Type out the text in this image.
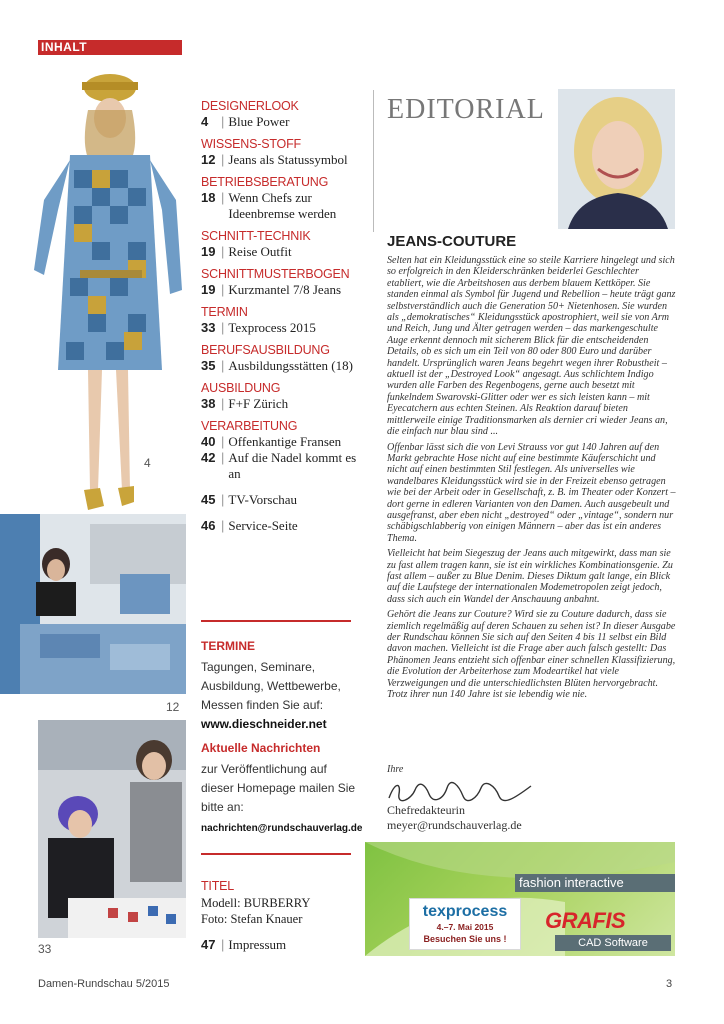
INHALT
4
12
33
DESIGNERLOOK
4 | Blue Power
WISSENS-STOFF
12 | Jeans als Statussymbol
BETRIEBSBERATUNG
18 | Wenn Chefs zur Ideenbremse werden
SCHNITT-TECHNIK
19 | Reise Outfit
SCHNITTMUSTERBOGEN
19 | Kurzmantel 7/8 Jeans
TERMIN
33 | Texprocess 2015
BERUFSAUSBILDUNG
35 | Ausbildungsstätten (18)
AUSBILDUNG
38 | F+F Zürich
VERARBEITUNG
40 | Offenkantige Fransen
42 | Auf die Nadel kommt es an
45 | TV-Vorschau
46 | Service-Seite
TERMINE
Tagungen, Seminare,
Ausbildung, Wettbewerbe,
Messen finden Sie auf:
www.dieschneider.net
Aktuelle Nachrichten
zur Veröffentlichung auf
dieser Homepage mailen Sie
bitte an:
nachrichten@rundschauverlag.de
TITEL
Modell: BURBERRY
Foto: Stefan Knauer
47 | Impressum
EDITORIAL
JEANS-COUTURE

Selten hat ein Kleidungsstück eine so steile Karriere hingelegt und sich so erfolgreich in den Kleiderschränken beiderlei Geschlechter etabliert, wie die Arbeitshosen aus derbem blauem Kettköper. Sie standen einmal als Symbol für Jugend und Rebellion – heute trägt ganz selbstverständlich auch die Generation 50+ Nietenhosen. Sie wurden als „demokratisches“ Kleidungsstück apostrophiert, weil sie von Arm und Reich, Jung und Älter getragen werden – das markengeschulte Auge erkennt dennoch mit sicherem Blick für die entscheidenden Details, ob es sich um ein Teil von 80 oder 800 Euro und darüber handelt. Ursprünglich waren Jeans begehrt wegen ihrer Robustheit – aktuell ist der „Destroyed Look“ angesagt. Aus schlichtem Indigo wurden alle Farben des Regenbogens, gerne auch besetzt mit funkelndem Swarovski-Glitter oder wer es sich leisten kann – mit Eyecatchern aus echten Steinen. Als Reaktion darauf bieten mittlerweile einige Traditionsmarken als dernier cri wieder Jeans an, die einfach nur blau sind ...

Offenbar lässt sich die von Levi Strauss vor gut 140 Jahren auf den Markt gebrachte Hose nicht auf eine bestimmte Käuferschicht und nicht auf einen bestimmten Stil festlegen. Als universelles wie wandelbares Kleidungsstück wird sie in der Freizeit ebenso getragen wie bei der Arbeit oder in Gesellschaft, z. B. im Theater oder Konzert – dort gerne in edleren Varianten von den Damen. Auch ausgebeult und ausgefranst, aber eben nicht „destroyed“ oder „vintage“, sondern nur schäbigschlabberig von einigen Männern – aber das ist ein anderes Thema.

Vielleicht hat beim Siegeszug der Jeans auch mitgewirkt, dass man sie zu fast allem tragen kann, sie ist ein wirkliches Kombinationsgenie. Zu fast allem – außer zu Blue Denim. Dieses Diktum galt lange, ein Blick auf die Laufstege der internationalen Modemetropolen zeigt jedoch, dass sich auch ein Wandel der Anschauung anbahnt.

Gehört die Jeans zur Couture? Wird sie zu Couture dadurch, dass sie ziemlich regelmäßig auf deren Schauen zu sehen ist? In dieser Ausgabe der Rundschau können Sie sich auf den Seiten 4 bis 11 selbst ein Bild davon machen. Vielleicht ist die Frage aber auch falsch gestellt: Das Phänomen Jeans entzieht sich offenbar einer schnellen Klassifizierung, die Evolution der Arbeiterhose zum Modeartikel hat viele Verzweigungen und die unterschiedlichsten Blüten hervorgebracht. Trotz ihrer nun 140 Jahre ist sie lebendig wie nie.

Ihre
Chefredakteurin
meyer@rundschauverlag.de
fashion interactive
texprocess
4.–7. Mai 2015
Besuchen Sie uns !
GRAFIS
CAD Software
Damen-Rundschau 5/2015	3
